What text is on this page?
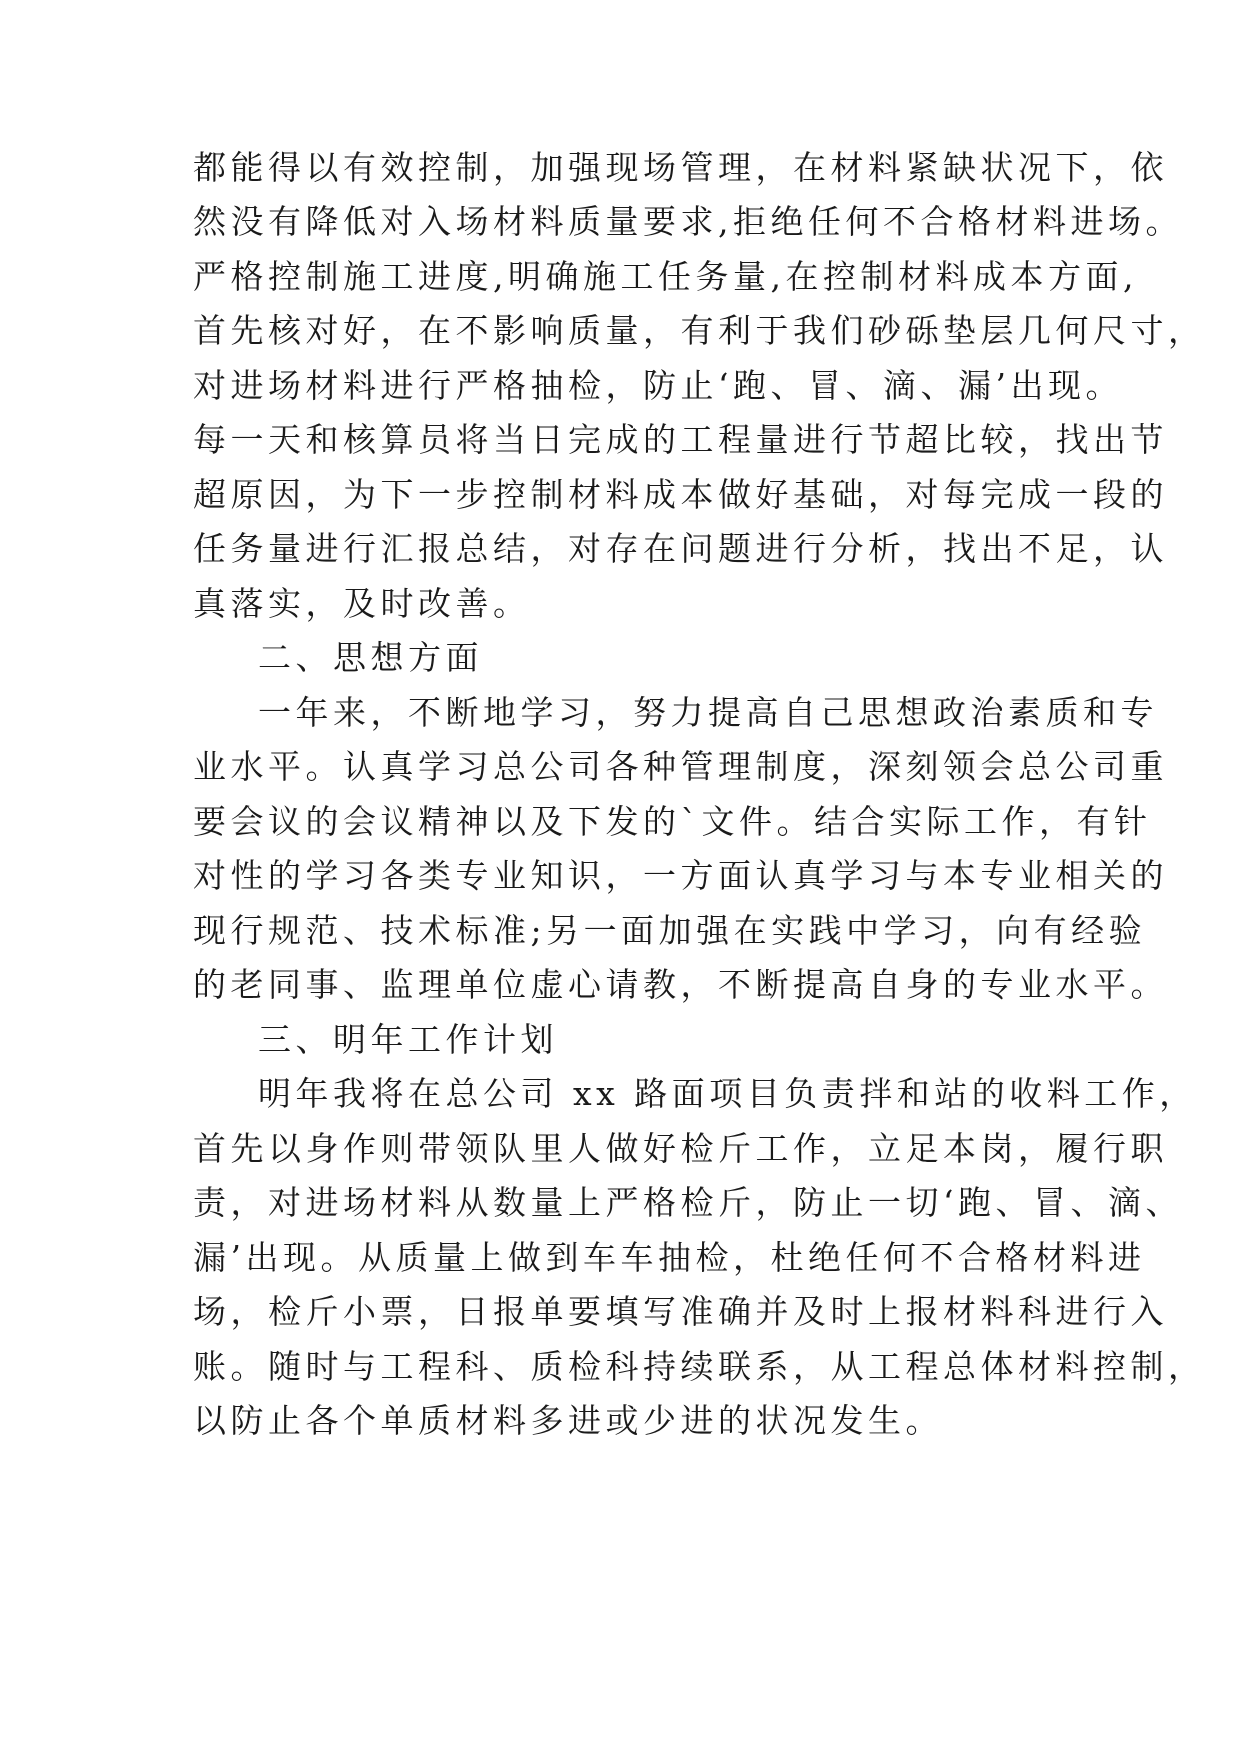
都能得以有效控制，加强现场管理，在材料紧缺状况下，依
然没有降低对入场材料质量要求,拒绝任何不合格材料进场。
严格控制施工进度,明确施工任务量,在控制材料成本方面,
首先核对好，在不影响质量，有利于我们砂砾垫层几何尺寸，
对进场材料进行严格抽检，防止‘跑、冒、滴、漏’出现。
每一天和核算员将当日完成的工程量进行节超比较，找出节
超原因，为下一步控制材料成本做好基础，对每完成一段的
任务量进行汇报总结，对存在问题进行分析，找出不足，认
真落实，及时改善。
二、思想方面
一年来，不断地学习，努力提高自己思想政治素质和专
业水平。认真学习总公司各种管理制度，深刻领会总公司重
要会议的会议精神以及下发的`文件。结合实际工作，有针
对性的学习各类专业知识，一方面认真学习与本专业相关的
现行规范、技术标准;另一面加强在实践中学习，向有经验
的老同事、监理单位虚心请教，不断提高自身的专业水平。
三、明年工作计划
明年我将在总公司 xx 路面项目负责拌和站的收料工作，
首先以身作则带领队里人做好检斤工作，立足本岗，履行职
责，对进场材料从数量上严格检斤，防止一切‘跑、冒、滴、
漏’出现。从质量上做到车车抽检，杜绝任何不合格材料进
场，检斤小票，日报单要填写准确并及时上报材料科进行入
账。随时与工程科、质检科持续联系，从工程总体材料控制，
以防止各个单质材料多进或少进的状况发生。
